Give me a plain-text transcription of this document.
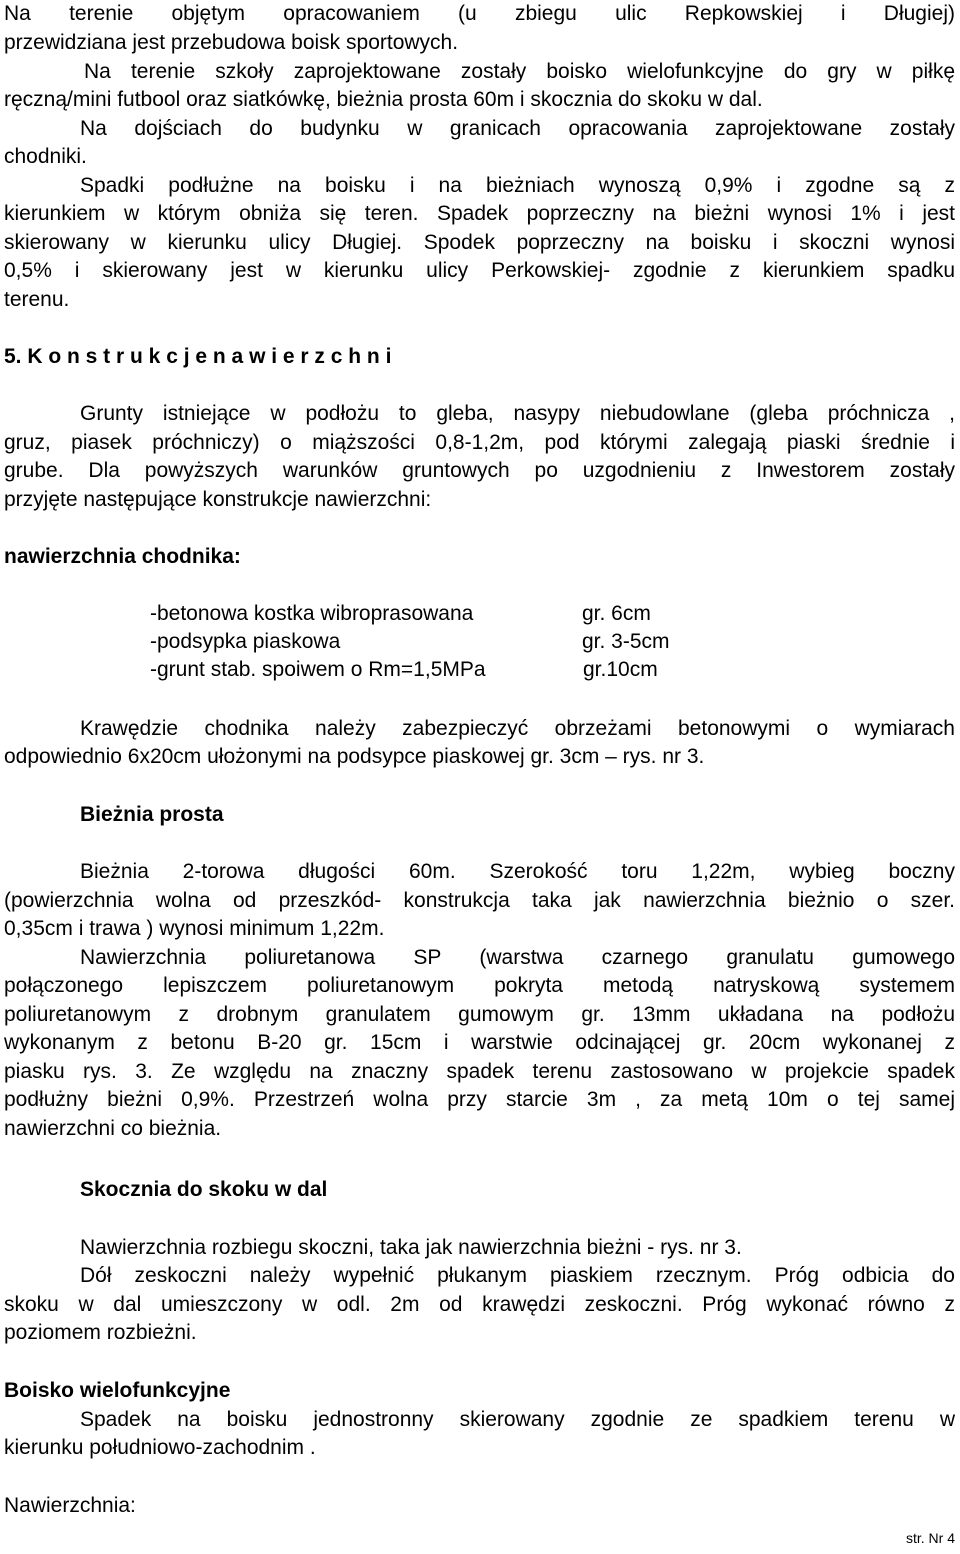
Na terenie objętym opracowaniem (u zbiegu ulic Repkowskiej i Długiej)
przewidziana jest przebudowa boisk sportowych.
Na terenie szkoły zaprojektowane zostały boisko wielofunkcyjne do gry w piłkę
ręczną/mini futbool oraz siatkówkę, bieżnia prosta 60m i skocznia do skoku w dal.
Na dojściach do budynku w granicach opracowania zaprojektowane zostały
chodniki.
Spadki podłużne na boisku i na bieżniach wynoszą 0,9% i zgodne są z
kierunkiem w którym obniża się teren. Spadek poprzeczny na bieżni wynosi 1% i jest
skierowany w kierunku ulicy Długiej. Spodek poprzeczny na boisku i skoczni wynosi
0,5% i skierowany jest w kierunku ulicy Perkowskiej- zgodnie z kierunkiem spadku
terenu.
5. K o n s t r u k c j e n a w i e r z c h n i
Grunty istniejące w podłożu to gleba, nasypy niebudowlane (gleba próchnicza ,
gruz, piasek próchniczy) o miąższości 0,8-1,2m, pod którymi zalegają piaski średnie i
grube. Dla powyższych warunków gruntowych po uzgodnieniu z Inwestorem zostały
przyjęte następujące konstrukcje nawierzchni:
nawierzchnia chodnika:
-betonowa kostka wibroprasowana	gr. 6cm
-podsypka piaskowa	gr. 3-5cm
-grunt stab. spoiwem o Rm=1,5MPa	gr.10cm
Krawędzie chodnika należy zabezpieczyć obrzeżami betonowymi o wymiarach
odpowiednio 6x20cm ułożonymi na podsypce piaskowej gr. 3cm – rys. nr 3.
Bieżnia prosta
Bieżnia 2-torowa długości 60m. Szerokość toru 1,22m, wybieg boczny
(powierzchnia wolna od przeszkód- konstrukcja taka jak nawierzchnia bieżnio o szer.
0,35cm i trawa ) wynosi minimum 1,22m.
Nawierzchnia poliuretanowa SP (warstwa czarnego granulatu gumowego
połączonego lepiszczem poliuretanowym pokryta metodą natryskową systemem
poliuretanowym z drobnym granulatem gumowym gr. 13mm układana na podłożu
wykonanym z betonu B-20 gr. 15cm i warstwie odcinającej gr. 20cm wykonanej z
piasku rys. 3. Ze względu na znaczny spadek terenu zastosowano w projekcie spadek
podłużny bieżni 0,9%. Przestrzeń wolna przy starcie 3m , za metą 10m o tej samej
nawierzchni co bieżnia.
Skocznia do skoku w dal
Nawierzchnia rozbiegu skoczni, taka jak nawierzchnia bieżni - rys. nr 3.
Dół zeskoczni należy wypełnić płukanym piaskiem rzecznym. Próg odbicia do
skoku w dal umieszczony w odl. 2m od krawędzi zeskoczni. Próg wykonać równo z
poziomem rozbieżni.
Boisko wielofunkcyjne
Spadek na boisku jednostronny skierowany zgodnie ze spadkiem terenu w
kierunku południowo-zachodnim .
Nawierzchnia:
str. Nr 4
